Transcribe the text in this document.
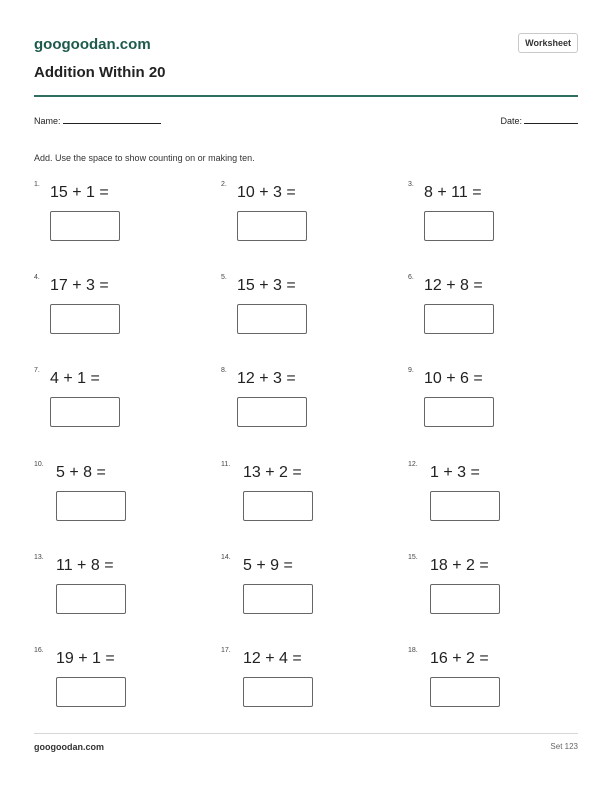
googoodan.com	Worksheet
Addition Within 20
Name:	Date:
Add. Use the space to show counting on or making ten.
1. 15 + 1 =	2. 10 + 3 =	3. 8 + 11 =
4. 17 + 3 =	5. 15 + 3 =	6. 12 + 8 =
7. 4 + 1 =	8. 12 + 3 =	9. 10 + 6 =
10. 5 + 8 =	11. 13 + 2 =	12. 1 + 3 =
13. 11 + 8 =	14. 5 + 9 =	15. 18 + 2 =
16. 19 + 1 =	17. 12 + 4 =	18. 16 + 2 =
googoodan.com	Set 123
